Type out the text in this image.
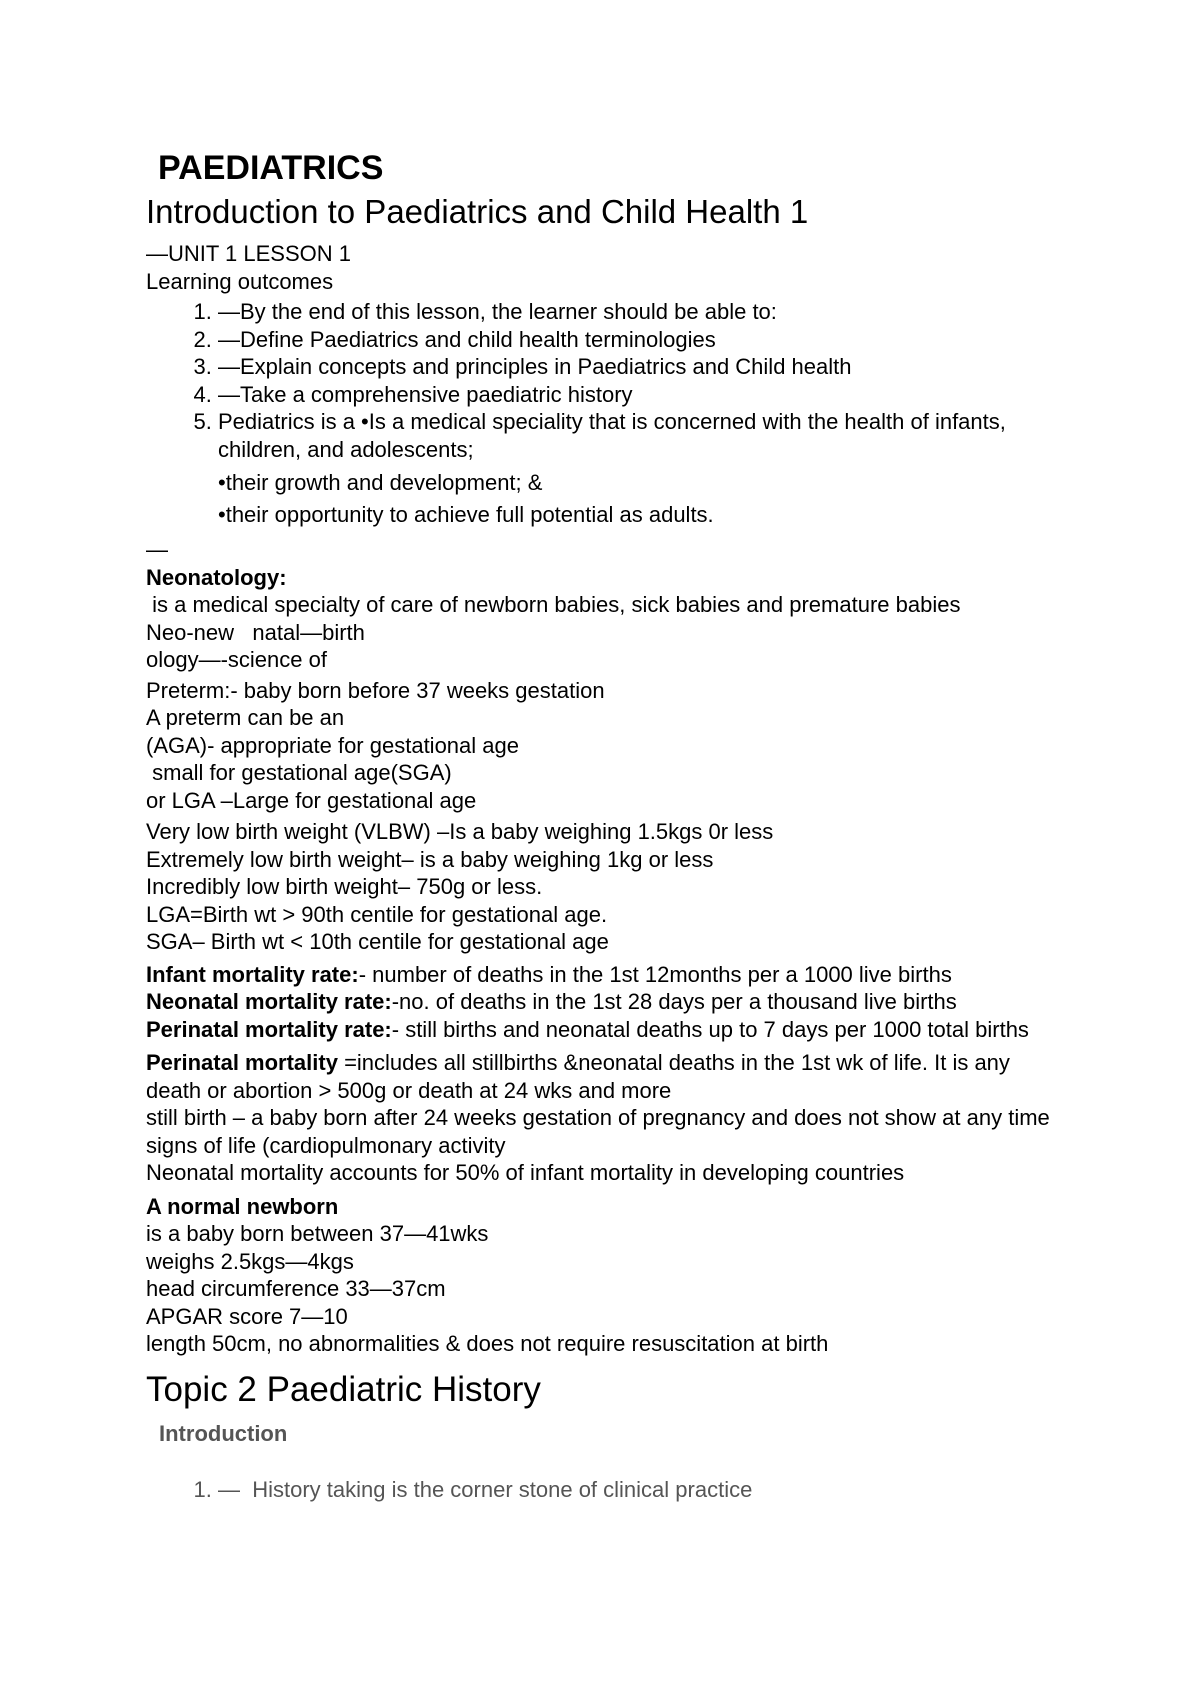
PAEDIATRICS
Introduction to Paediatrics and Child Health 1

—UNIT 1 LESSON 1

Learning outcomes

1. —By the end of this lesson, the learner should be able to:
2. —Define Paediatrics and child health terminologies
3. —Explain concepts and principles in Paediatrics and Child health
4. —Take a comprehensive paediatric history
5. Pediatrics is a •Is a medical speciality that is concerned with the health of infants, children, and adolescents;

•their growth and development; &

•their opportunity to achieve full potential as adults.

—

Neonatology:

is a medical specialty of care of newborn babies, sick babies and premature babies

Neo-new   natal—birth

ology—-science of

Preterm:- baby born before 37 weeks gestation

A preterm can be an

(AGA)- appropriate for gestational age

small for gestational age(SGA)

or LGA –Large for gestational age

Very low birth weight (VLBW) –Is a baby weighing 1.5kgs 0r less

Extremely low birth weight– is a baby weighing 1kg or less

Incredibly low birth weight– 750g or less.

LGA=Birth wt > 90th centile for gestational age.

SGA– Birth wt < 10th centile for gestational age

Infant mortality rate:- number of deaths in the 1st 12months per a 1000 live births

Neonatal mortality rate:-no. of deaths in the 1st 28 days per a thousand live births

Perinatal mortality rate:- still births and neonatal deaths up to 7 days per 1000 total births

Perinatal mortality =includes all stillbirths &neonatal deaths in the 1st wk of life. It is any death or abortion > 500g or death at 24 wks and more

still birth – a baby born after 24 weeks gestation of pregnancy and does not show at any time signs of life (cardiopulmonary activity

Neonatal mortality accounts for 50% of infant mortality in developing countries

A normal newborn

is a baby born between 37—41wks

weighs 2.5kgs—4kgs

head circumference 33—37cm

APGAR score 7—10

length 50cm, no abnormalities & does not require resuscitation at birth

Topic 2 Paediatric History

Introduction

1. —  History taking is the corner stone of clinical practice
